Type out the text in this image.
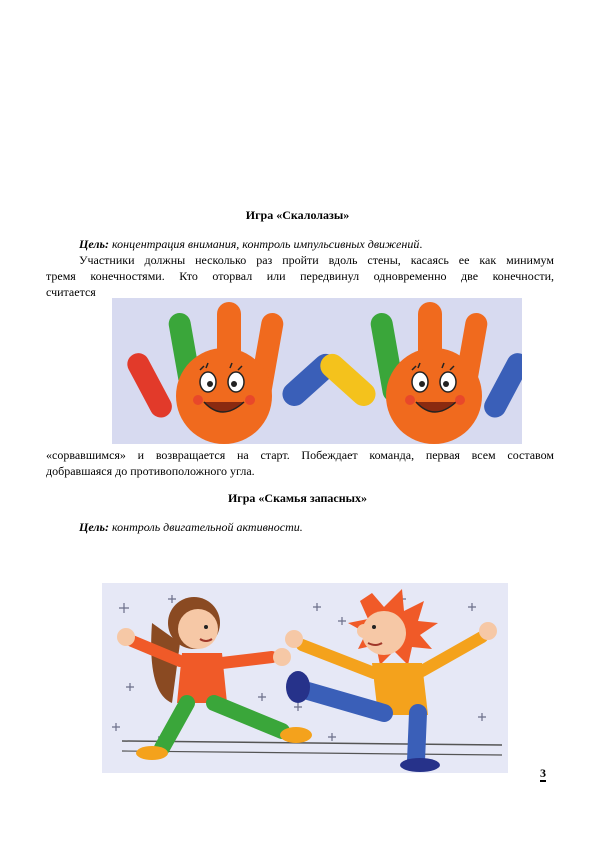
Игра «Скалолазы»
Цель: концентрация внимания, контроль импульсивных движений.
Участники должны несколько раз пройти вдоль стены, касаясь ее как минимум
тремя конечностями. Кто оторвал или передвинул одновременно две конечности,
считается
«сорвавшимся» и возвращается на старт. Побеждает команда, первая всем составом
добравшаяся до противоположного угла.
Игра «Скамья запасных»
Цель: контроль двигательной активности.
3
